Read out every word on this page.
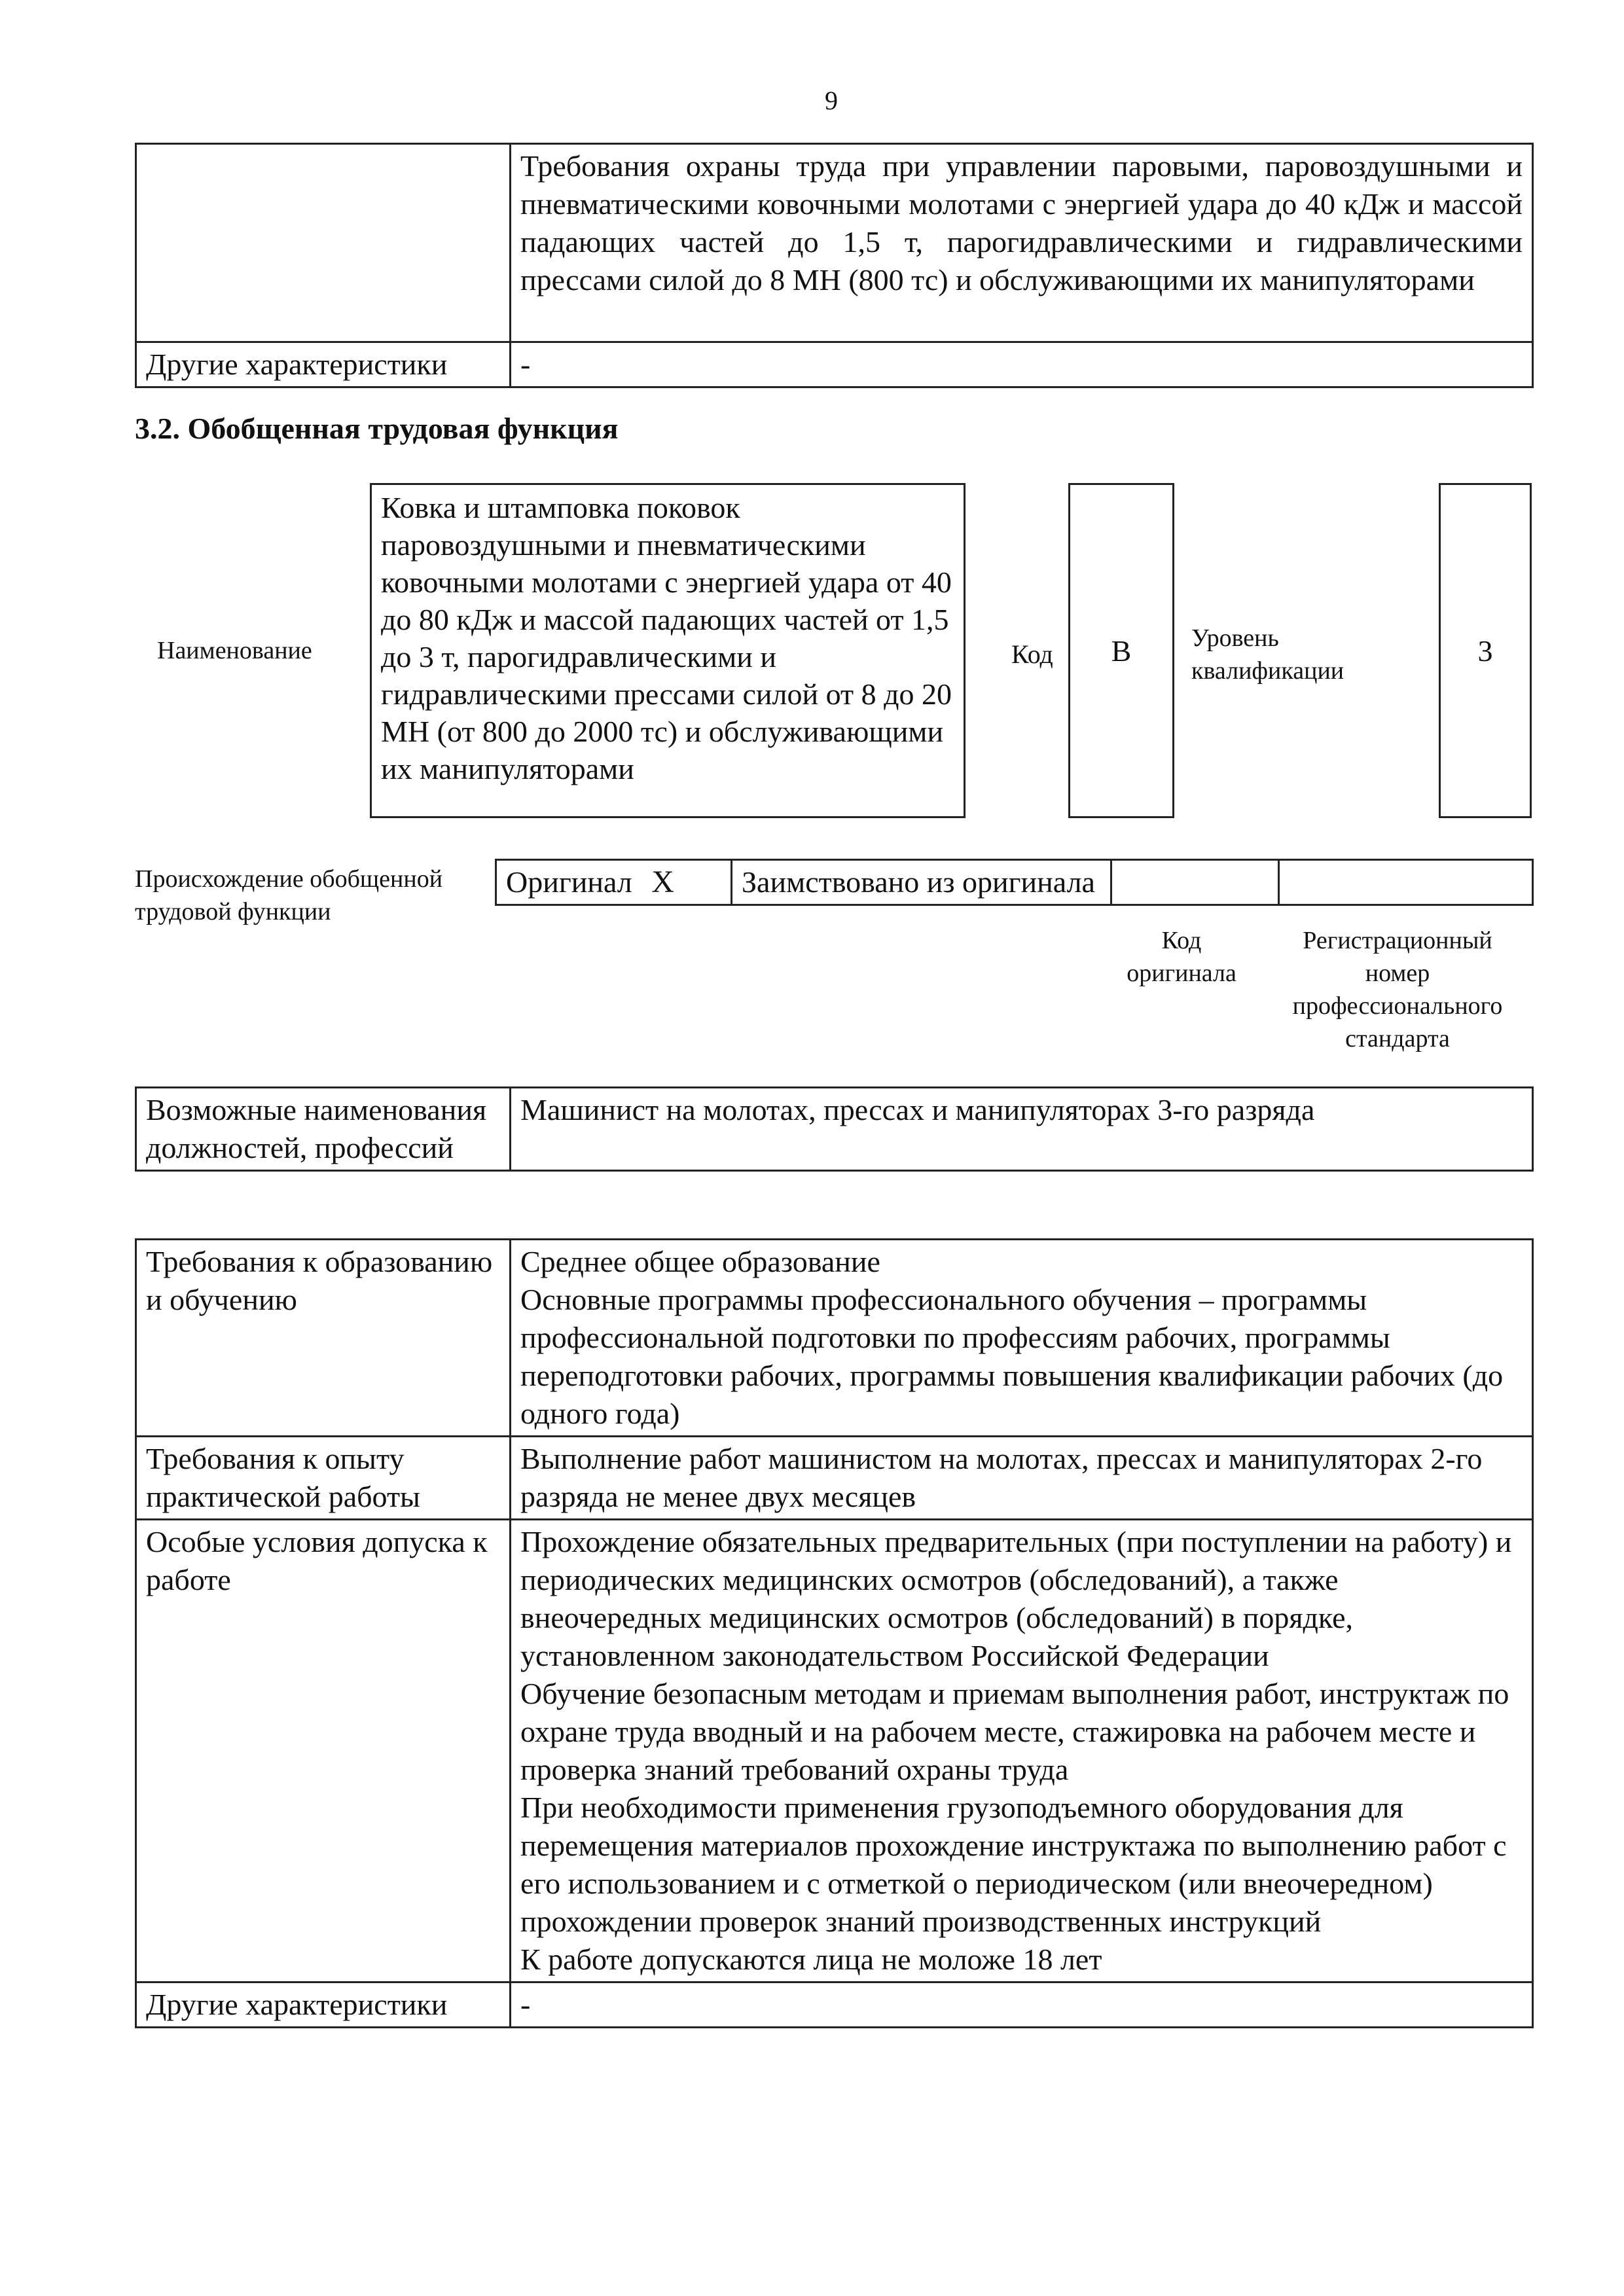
9
	Требования охраны труда при управлении паровыми, паровоздушными и пневматическими ковочными молотами с энергией удара до 40 кДж и массой падающих частей до 1,5 т, парогидравлическими и гидравлическими прессами силой до 8 МН (800 тс) и обслуживающими их манипуляторами
Другие характеристики	-
3.2. Обобщенная трудовая функция
Наименование
Ковка и штамповка поковок паровоздушными и пневматическими ковочными молотами с энергией удара от 40 до 80 кДж и массой падающих частей от 1,5 до 3 т, парогидравлическими и гидравлическими прессами силой от 8 до 20 МН (от 800 до 2000 тс) и обслуживающими их манипуляторами
Код	B	Уровень квалификации
3
Происхождение обобщенной трудовой функции
Оригинал X	Заимствовано из оригинала		
Код оригинала
Регистрационный номер профессионального стандарта
Возможные наименования должностей, профессий	Машинист на молотах, прессах и манипуляторах 3-го разряда
Требования к образованию и обучению	Среднее общее образование
Основные программы профессионального обучения – программы профессиональной подготовки по профессиям рабочих, программы переподготовки рабочих, программы повышения квалификации рабочих (до одного года)

Требования к опыту практической работы	Выполнение работ машинистом на молотах, прессах и манипуляторах 2-го разряда не менее двух месяцев

Особые условия допуска к работе	Прохождение обязательных предварительных (при поступлении на работу) и периодических медицинских осмотров (обследований), а также внеочередных медицинских осмотров (обследований) в порядке, установленном законодательством Российской Федерации
Обучение безопасным методам и приемам выполнения работ, инструктаж по охране труда вводный и на рабочем месте, стажировка на рабочем месте и проверка знаний требований охраны труда
При необходимости применения грузоподъемного оборудования для перемещения материалов прохождение инструктажа по выполнению работ с его использованием и с отметкой о периодическом (или внеочередном) прохождении проверок знаний производственных инструкций
К работе допускаются лица не моложе 18 лет

Другие характеристики	-
